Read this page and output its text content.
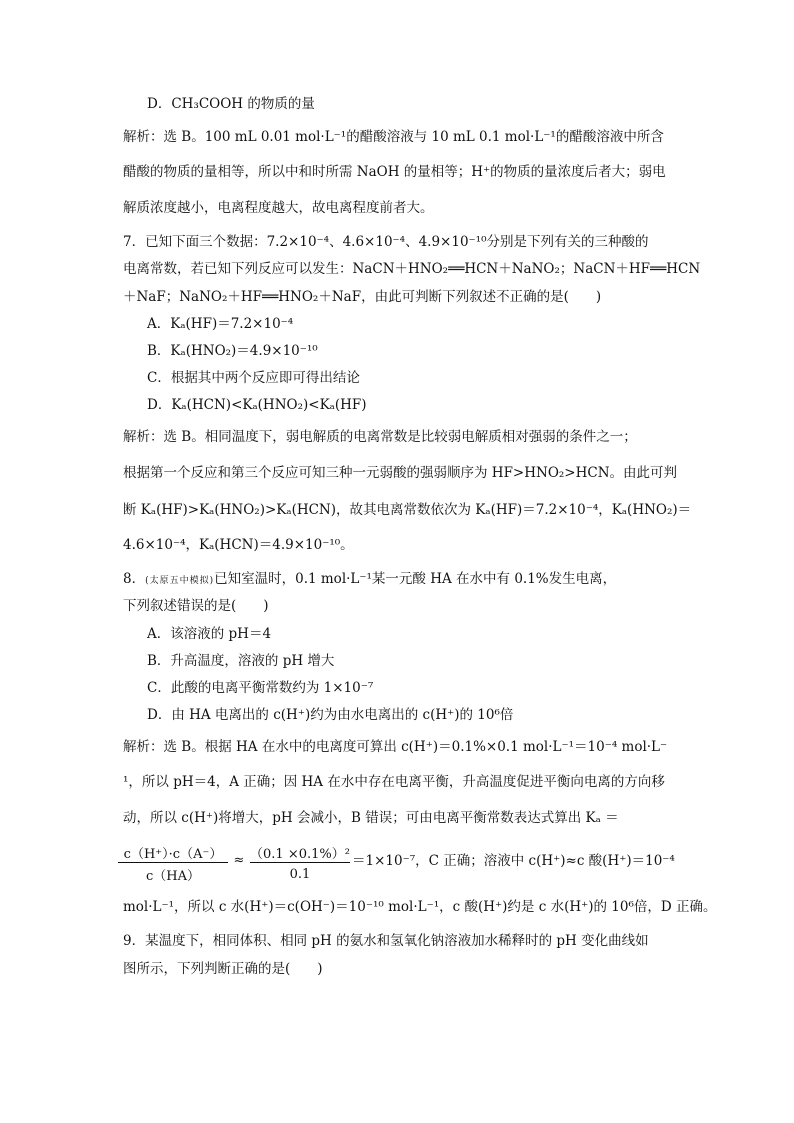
D．CH₃COOH 的物质的量
解析：选 B。100 mL 0.01 mol·L⁻¹的醋酸溶液与 10 mL 0.1 mol·L⁻¹的醋酸溶液中所含
醋酸的物质的量相等，所以中和时所需 NaOH 的量相等；H⁺的物质的量浓度后者大；弱电
解质浓度越小，电离程度越大，故电离程度前者大。
7．已知下面三个数据：7.2×10⁻⁴、4.6×10⁻⁴、4.9×10⁻¹⁰分别是下列有关的三种酸的
电离常数，若已知下列反应可以发生：NaCN＋HNO₂══HCN＋NaNO₂；NaCN＋HF══HCN
＋NaF；NaNO₂＋HF══HNO₂＋NaF，由此可判断下列叙述不正确的是(　　)
A．Kₐ(HF)＝7.2×10⁻⁴
B．Kₐ(HNO₂)＝4.9×10⁻¹⁰
C．根据其中两个反应即可得出结论
D．Kₐ(HCN)<Kₐ(HNO₂)<Kₐ(HF)
解析：选 B。相同温度下，弱电解质的电离常数是比较弱电解质相对强弱的条件之一；
根据第一个反应和第三个反应可知三种一元弱酸的强弱顺序为 HF>HNO₂>HCN。由此可判
断 Kₐ(HF)>Kₐ(HNO₂)>Kₐ(HCN)，故其电离常数依次为 Kₐ(HF)＝7.2×10⁻⁴，Kₐ(HNO₂)＝
4.6×10⁻⁴，Kₐ(HCN)＝4.9×10⁻¹⁰。
8．(太原五中模拟)已知室温时，0.1 mol·L⁻¹某一元酸 HA 在水中有 0.1%发生电离，
下列叙述错误的是(　　)
A．该溶液的 pH＝4
B．升高温度，溶液的 pH 增大
C．此酸的电离平衡常数约为 1×10⁻⁷
D．由 HA 电离出的 c(H⁺)约为由水电离出的 c(H⁺)的 10⁶倍
解析：选 B。根据 HA 在水中的电离度可算出 c(H⁺)＝0.1%×0.1 mol·L⁻¹＝10⁻⁴ mol·L⁻
¹，所以 pH＝4，A 正确；因 HA 在水中存在电离平衡，升高温度促进平衡向电离的方向移
动，所以 c(H⁺)将增大，pH 会减小，B 错误；可由电离平衡常数表达式算出 Kₐ ＝
c（H⁺）·c（A⁻）
c（HA）
≈ （0.1 ×0.1%）²
0.1
＝1×10⁻⁷，C 正确；溶液中 c(H⁺)≈c 酸(H⁺)＝10⁻⁴
mol·L⁻¹，所以 c 水(H⁺)＝c(OH⁻)＝10⁻¹⁰ mol·L⁻¹，c 酸(H⁺)约是 c 水(H⁺)的 10⁶倍，D 正确。
9．某温度下，相同体积、相同 pH 的氨水和氢氧化钠溶液加水稀释时的 pH 变化曲线如
图所示，下列判断正确的是(　　)
